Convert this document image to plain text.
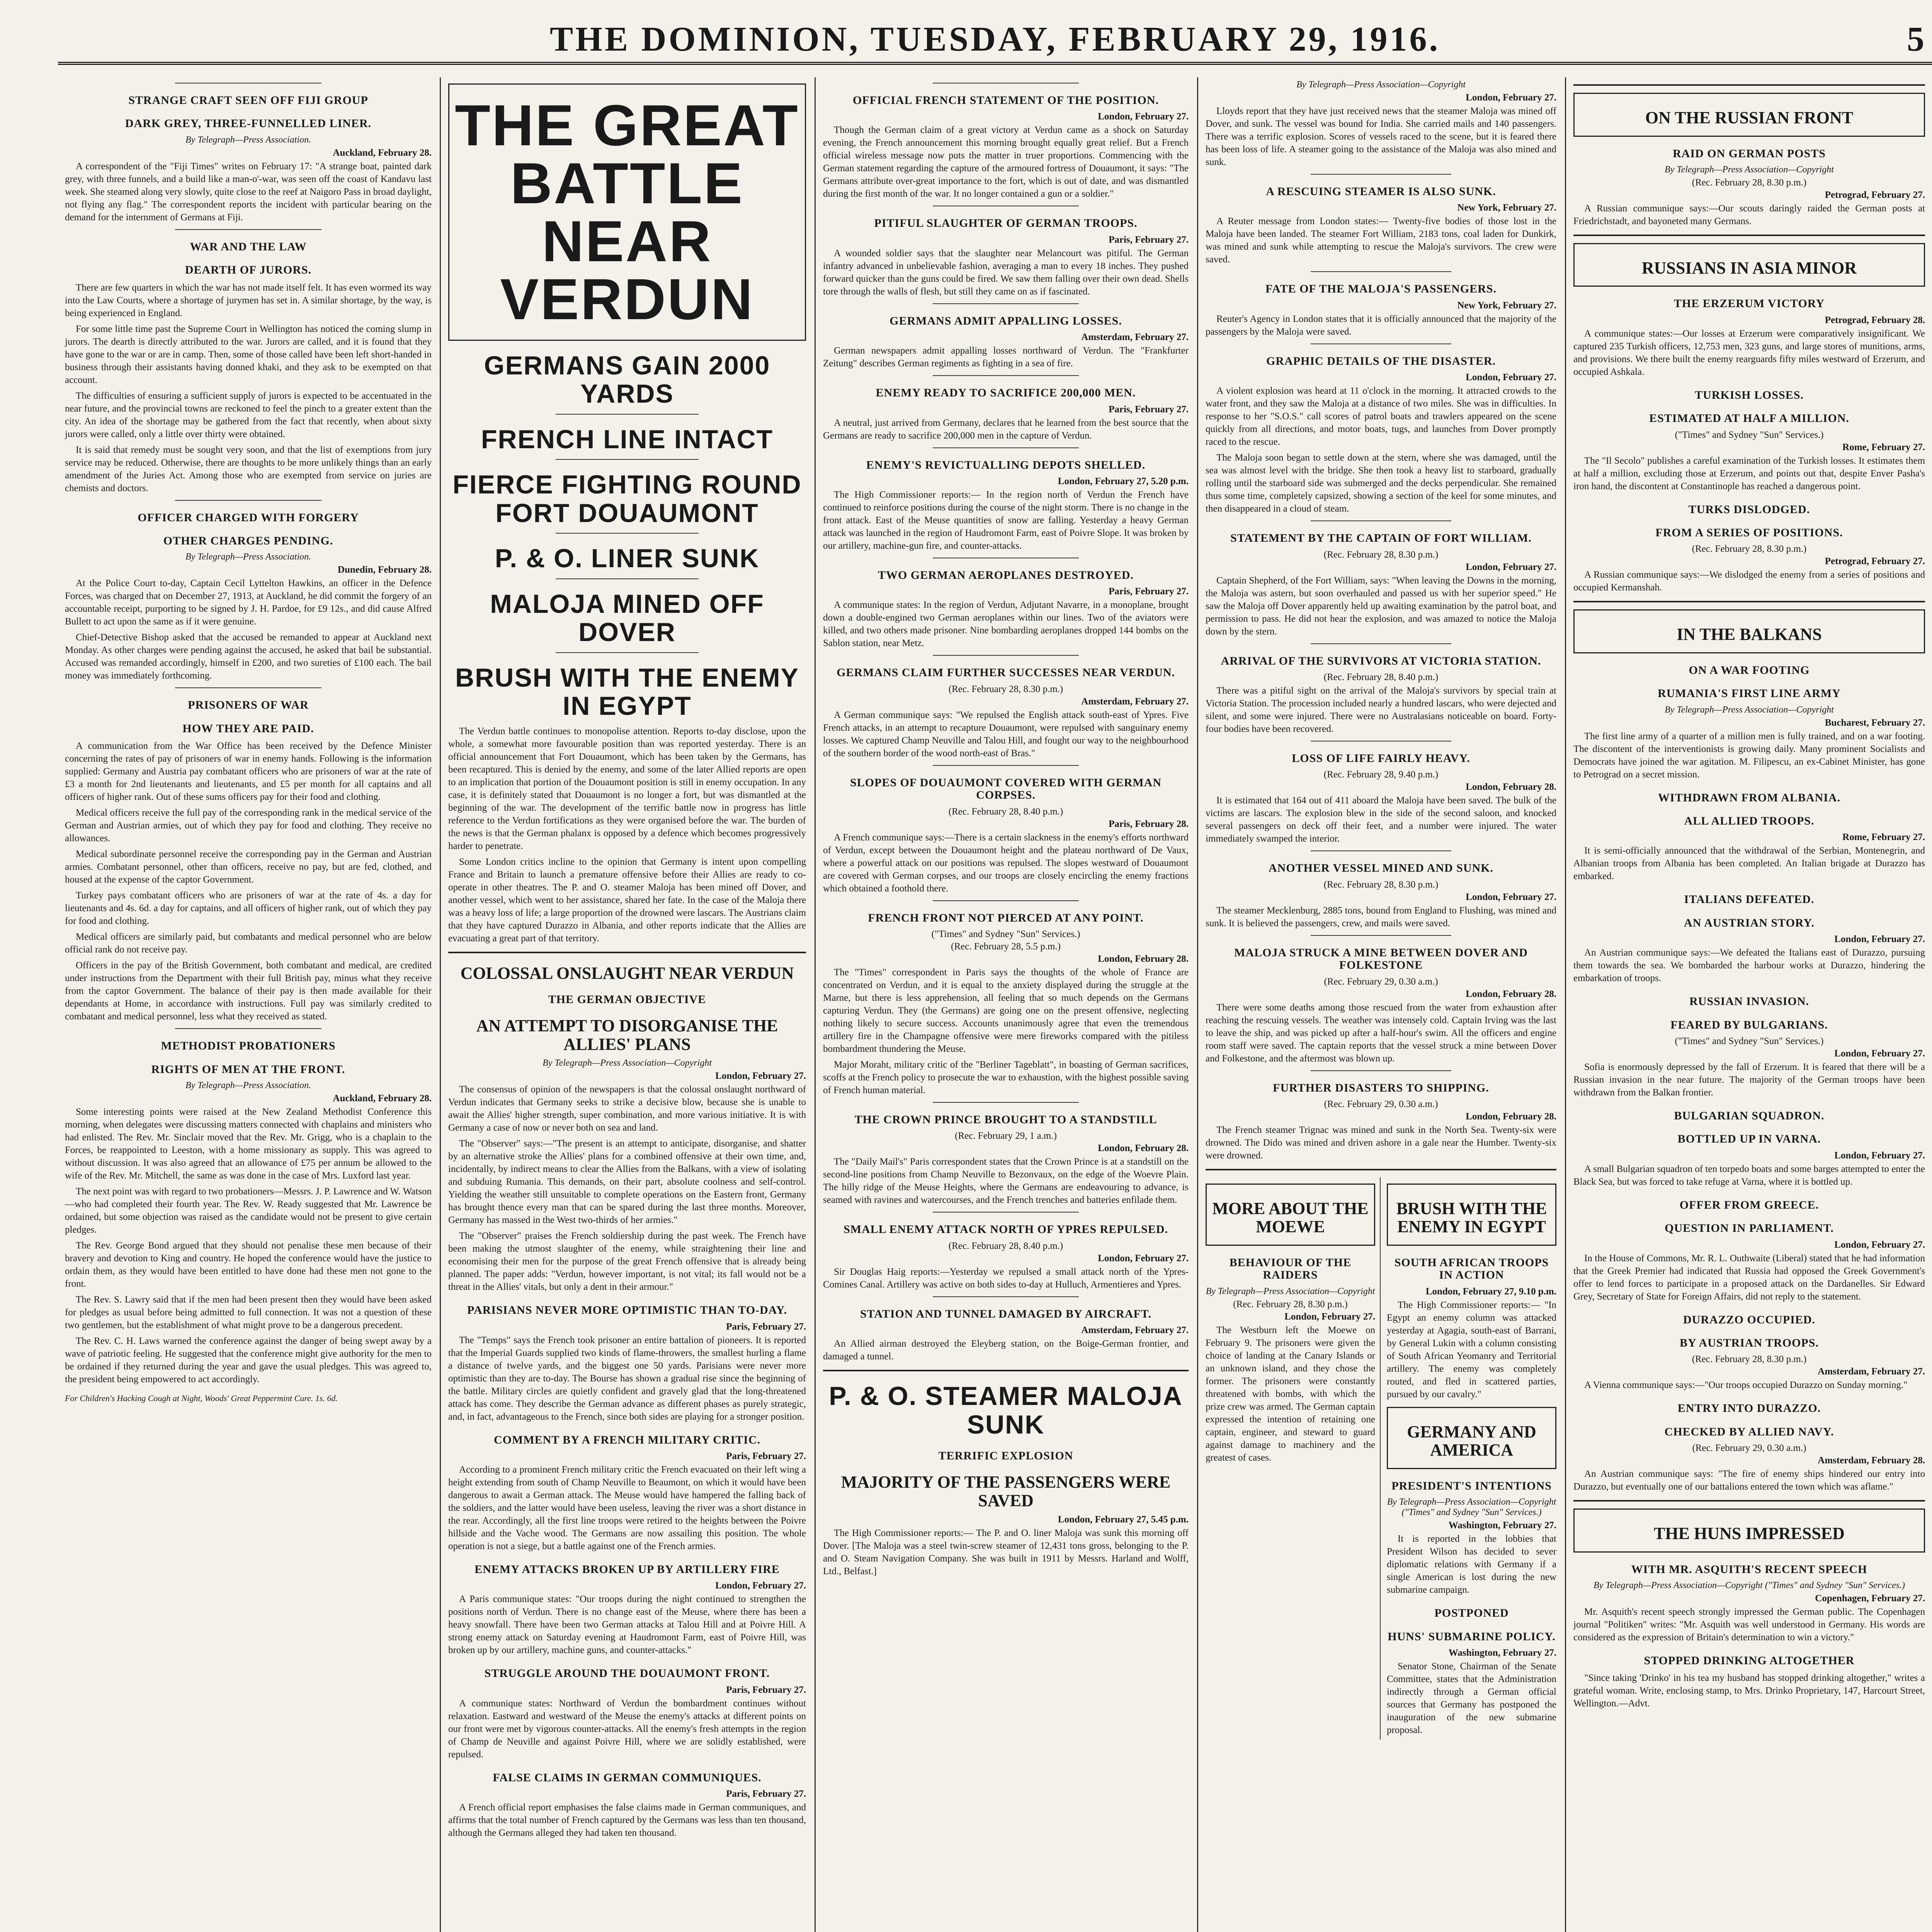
THE DOMINION, TUESDAY, FEBRUARY 29, 1916.	5
STRANGE CRAFT SEEN OFF FIJI GROUP
DARK GREY, THREE-FUNNELLED LINER.
By Telegraph—Press Association.
Auckland, February 28.

A correspondent of the "Fiji Times" writes on February 17: "A strange boat, painted dark grey, with three funnels, and a build like a man-o'-war, was seen off the coast of Kandavu last week. She steamed along very slowly, quite close to the reef at Naigoro Pass in broad daylight, not flying any flag." The correspondent reports the incident with particular bearing on the demand for the internment of Germans at Fiji.

WAR AND THE LAW
DEARTH OF JURORS.

There are few quarters in which the war has not made itself felt. It has even wormed its way into the Law Courts, where a shortage of jurymen has set in. A similar shortage, by the way, is being experienced in England.

For some little time past the Supreme Court in Wellington has noticed the coming slump in jurors. The dearth is directly attributed to the war. Jurors are called, and it is found that they have gone to the war or are in camp. Then, some of those called have been left short-handed in business through their assistants having donned khaki, and they ask to be exempted on that account.

The difficulties of ensuring a sufficient supply of jurors is expected to be accentuated in the near future, and the provincial towns are reckoned to feel the pinch to a greater extent than the city. An idea of the shortage may be gathered from the fact that recently, when about sixty jurors were called, only a little over thirty were obtained.

It is said that remedy must be sought very soon, and that the list of exemptions from jury service may be reduced. Otherwise, there are thoughts to be more unlikely things than an early amendment of the Juries Act. Among those who are exempted from service on juries are chemists and doctors.

OFFICER CHARGED WITH FORGERY
OTHER CHARGES PENDING.
By Telegraph—Press Association.
Dunedin, February 28.

At the Police Court to-day, Captain Cecil Lyttelton Hawkins, an officer in the Defence Forces, was charged that on December 27, 1913, at Auckland, he did commit the forgery of an accountable receipt, purporting to be signed by J. H. Pardoe, for £9 12s., and did cause Alfred Bullett to act upon the same as if it were genuine.

Chief-Detective Bishop asked that the accused be remanded to appear at Auckland next Monday. As other charges were pending against the accused, he asked that bail be substantial. Accused was remanded accordingly, himself in £200, and two sureties of £100 each. The bail money was immediately forthcoming.

PRISONERS OF WAR
HOW THEY ARE PAID.

A communication from the War Office has been received by the Defence Minister concerning the rates of pay of prisoners of war in enemy hands. Following is the information supplied: Germany and Austria pay combatant officers who are prisoners of war at the rate of £3 a month for 2nd lieutenants and lieutenants, and £5 per month for all captains and all officers of higher rank. Out of these sums officers pay for their food and clothing.

Medical officers receive the full pay of the corresponding rank in the medical service of the German and Austrian armies, out of which they pay for food and clothing. They receive no allowances.

Medical subordinate personnel receive the corresponding pay in the German and Austrian armies. Combatant personnel, other than officers, receive no pay, but are fed, clothed, and housed at the expense of the captor Government.

Turkey pays combatant officers who are prisoners of war at the rate of 4s. a day for lieutenants and 4s. 6d. a day for captains, and all officers of higher rank, out of which they pay for food and clothing.

Medical officers are similarly paid, but combatants and medical personnel who are below official rank do not receive pay.

Officers in the pay of the British Government, both combatant and medical, are credited under instructions from the Department with their full British pay, minus what they receive from the captor Government. The balance of their pay is then made available for their dependants at Home, in accordance with instructions. Full pay was similarly credited to combatant and medical personnel, less what they received as stated.

METHODIST PROBATIONERS
RIGHTS OF MEN AT THE FRONT.
By Telegraph—Press Association.
Auckland, February 28.

Some interesting points were raised at the New Zealand Methodist Conference this morning, when delegates were discussing matters connected with chaplains and ministers who had enlisted. The Rev. Mr. Sinclair moved that the Rev. Mr. Grigg, who is a chaplain to the Forces, be reappointed to Leeston, with a home missionary as supply. This was agreed to without discussion. It was also agreed that an allowance of £75 per annum be allowed to the wife of the Rev. Mr. Mitchell, the same as was done in the case of Mrs. Luxford last year.

The next point was with regard to two probationers—Messrs. J. P. Lawrence and W. Watson—who had completed their fourth year. The Rev. W. Ready suggested that Mr. Lawrence be ordained, but some objection was raised as the candidate would not be present to give certain pledges.

The Rev. George Bond argued that they should not penalise these men because of their bravery and devotion to King and country. He hoped the conference would have the justice to ordain them, as they would have been entitled to have done had these men not gone to the front.

The Rev. S. Lawry said that if the men had been present then they would have been asked for pledges as usual before being admitted to full connection. It was not a question of these two gentlemen, but the establishment of what might prove to be a dangerous precedent.

The Rev. C. H. Laws warned the conference against the danger of being swept away by a wave of patriotic feeling. He suggested that the conference might give authority for the men to be ordained if they returned during the year and gave the usual pledges. This was agreed to, the president being empowered to act accordingly.

For Children's Hacking Cough at Night, Woods' Great Peppermint Cure. 1s. 6d.

THE GREAT BATTLE NEAR VERDUN
GERMANS GAIN 2000 YARDS
FRENCH LINE INTACT
FIERCE FIGHTING ROUND FORT DOUAUMONT
P. & O. LINER SUNK
MALOJA MINED OFF DOVER
BRUSH WITH THE ENEMY IN EGYPT

The Verdun battle continues to monopolise attention. Reports to-day disclose, upon the whole, a somewhat more favourable position than was reported yesterday. There is an official announcement that Fort Douaumont, which has been taken by the Germans, has been recaptured. This is denied by the enemy, and some of the later Allied reports are open to an implication that portion of the Douaumont position is still in enemy occupation. In any case, it is definitely stated that Douaumont is no longer a fort, but was dismantled at the beginning of the war. The development of the terrific battle now in progress has little reference to the Verdun fortifications as they were organised before the war. The burden of the news is that the German phalanx is opposed by a defence which becomes progressively harder to penetrate.

Some London critics incline to the opinion that Germany is intent upon compelling France and Britain to launch a premature offensive before their Allies are ready to co-operate in other theatres. The P. and O. steamer Maloja has been mined off Dover, and another vessel, which went to her assistance, shared her fate. In the case of the Maloja there was a heavy loss of life; a large proportion of the drowned were lascars. The Austrians claim that they have captured Durazzo in Albania, and other reports indicate that the Allies are evacuating a great part of that territory.

COLOSSAL ONSLAUGHT NEAR VERDUN
THE GERMAN OBJECTIVE
AN ATTEMPT TO DISORGANISE THE ALLIES' PLANS
By Telegraph—Press Association—Copyright
London, February 27.

The consensus of opinion of the newspapers is that the colossal onslaught northward of Verdun indicates that Germany seeks to strike a decisive blow, because she is unable to await the Allies' higher strength, super combination, and more various initiative. It is with Germany a case of now or never both on sea and land.

The "Observer" says:—"The present is an attempt to anticipate, disorganise, and shatter by an alternative stroke the Allies' plans for a combined offensive at their own time, and, incidentally, by indirect means to clear the Allies from the Balkans, with a view of isolating and subduing Rumania. This demands, on their part, absolute coolness and self-control. Yielding the weather still unsuitable to complete operations on the Eastern front, Germany has brought thence every man that can be spared during the last three months. Moreover, Germany has massed in the West two-thirds of her armies."

The "Observer" praises the French soldiership during the past week. The French have been making the utmost slaughter of the enemy, while straightening their line and economising their men for the purpose of the great French offensive that is already being planned. The paper adds: "Verdun, however important, is not vital; its fall would not be a threat in the Allies' vitals, but only a dent in their armour."

PARISIANS NEVER MORE OPTIMISTIC THAN TO-DAY.
Paris, February 27.

The "Temps" says the French took prisoner an entire battalion of pioneers. It is reported that the Imperial Guards supplied two kinds of flame-throwers, the smallest hurling a flame a distance of twelve yards, and the biggest one 50 yards. Parisians were never more optimistic than they are to-day. The Bourse has shown a gradual rise since the beginning of the battle. Military circles are quietly confident and gravely glad that the long-threatened attack has come. They describe the German advance as different phases as purely strategic, and, in fact, advantageous to the French, since both sides are playing for a stronger position.

COMMENT BY A FRENCH MILITARY CRITIC.
Paris, February 27.

According to a prominent French military critic the French evacuated on their left wing a height extending from south of Champ Neuville to Beaumont, on which it would have been dangerous to await a German attack. The Meuse would have hampered the falling back of the soldiers, and the latter would have been useless, leaving the river was a short distance in the rear. Accordingly, all the first line troops were retired to the heights between the Poivre hillside and the Vache wood. The Germans are now assailing this position. The whole operation is not a siege, but a battle against one of the French armies.

ENEMY ATTACKS BROKEN UP BY ARTILLERY FIRE
London, February 27.

A Paris communique states: "Our troops during the night continued to strengthen the positions north of Verdun. There is no change east of the Meuse, where there has been a heavy snowfall. There have been two German attacks at Talou Hill and at Poivre Hill. A strong enemy attack on Saturday evening at Haudromont Farm, east of Poivre Hill, was broken up by our artillery, machine guns, and counter-attacks."

STRUGGLE AROUND THE DOUAUMONT FRONT.
Paris, February 27.

A communique states: Northward of Verdun the bombardment continues without relaxation. Eastward and westward of the Meuse the enemy's attacks at different points on our front were met by vigorous counter-attacks. All the enemy's fresh attempts in the region of Champ de Neuville and against Poivre Hill, where we are solidly established, were repulsed.

FALSE CLAIMS IN GERMAN COMMUNIQUES.
Paris, February 27.

A French official report emphasises the false claims made in German communiques, and affirms that the total number of French captured by the Germans was less than ten thousand, although the Germans alleged they had taken ten thousand.

OFFICIAL FRENCH STATEMENT OF THE POSITION.
London, February 27.

Though the German claim of a great victory at Verdun came as a shock on Saturday evening, the French announcement this morning brought equally great relief. But a French official wireless message now puts the matter in truer proportions. Commencing with the German statement regarding the capture of the armoured fortress of Douaumont, it says: "The Germans attribute over-great importance to the fort, which is out of date, and was dismantled during the first month of the war. It no longer contained a gun or a soldier."

PITIFUL SLAUGHTER OF GERMAN TROOPS.
Paris, February 27.

A wounded soldier says that the slaughter near Melancourt was pitiful. The German infantry advanced in unbelievable fashion, averaging a man to every 18 inches. They pushed forward quicker than the guns could be fired. We saw them falling over their own dead. Shells tore through the walls of flesh, but still they came on as if fascinated.

GERMANS ADMIT APPALLING LOSSES.
Amsterdam, February 27.

German newspapers admit appalling losses northward of Verdun. The "Frankfurter Zeitung" describes German regiments as fighting in a sea of fire.

ENEMY READY TO SACRIFICE 200,000 MEN.
Paris, February 27.

A neutral, just arrived from Germany, declares that he learned from the best source that the Germans are ready to sacrifice 200,000 men in the capture of Verdun.

ENEMY'S REVICTUALLING DEPOTS SHELLED.
London, February 27, 5.20 p.m.

The High Commissioner reports:— In the region north of Verdun the French have continued to reinforce positions during the course of the night storm. There is no change in the front attack. East of the Meuse quantities of snow are falling. Yesterday a heavy German attack was launched in the region of Haudromont Farm, east of Poivre Slope. It was broken by our artillery, machine-gun fire, and counter-attacks.

TWO GERMAN AEROPLANES DESTROYED.
Paris, February 27.

A communique states: In the region of Verdun, Adjutant Navarre, in a monoplane, brought down a double-engined two German aeroplanes within our lines. Two of the aviators were killed, and two others made prisoner. Nine bombarding aeroplanes dropped 144 bombs on the Sablon station, near Metz.

GERMANS CLAIM FURTHER SUCCESSES NEAR VERDUN.
(Rec. February 28, 8.30 p.m.)
Amsterdam, February 27.

A German communique says: "We repulsed the English attack south-east of Ypres. Five French attacks, in an attempt to recapture Douaumont, were repulsed with sanguinary enemy losses. We captured Champ Neuville and Talou Hill, and fought our way to the neighbourhood of the southern border of the wood north-east of Bras."

SLOPES OF DOUAUMONT COVERED WITH GERMAN CORPSES.
(Rec. February 28, 8.40 p.m.)
Paris, February 28.

A French communique says:—There is a certain slackness in the enemy's efforts northward of Verdun, except between the Douaumont height and the plateau northward of De Vaux, where a powerful attack on our positions was repulsed. The slopes westward of Douaumont are covered with German corpses, and our troops are closely encircling the enemy fractions which obtained a foothold there.

FRENCH FRONT NOT PIERCED AT ANY POINT.
("Times" and Sydney "Sun" Services.)
(Rec. February 28, 5.5 p.m.)
London, February 28.

The "Times" correspondent in Paris says the thoughts of the whole of France are concentrated on Verdun, and it is equal to the anxiety displayed during the struggle at the Marne, but there is less apprehension, all feeling that so much depends on the Germans capturing Verdun. They (the Germans) are going one on the present offensive, neglecting nothing likely to secure success. Accounts unanimously agree that even the tremendous artillery fire in the Champagne offensive were mere fireworks compared with the pitiless bombardment thundering the Meuse.

Major Moraht, military critic of the "Berliner Tageblatt", in boasting of German sacrifices, scoffs at the French policy to prosecute the war to exhaustion, with the highest possible saving of French human material.

THE CROWN PRINCE BROUGHT TO A STANDSTILL
(Rec. February 29, 1 a.m.)
London, February 28.

The "Daily Mail's" Paris correspondent states that the Crown Prince is at a standstill on the second-line positions from Champ Neuville to Bezonvaux, on the edge of the Woevre Plain. The hilly ridge of the Meuse Heights, where the Germans are endeavouring to advance, is seamed with ravines and watercourses, and the French trenches and batteries enfilade them.

SMALL ENEMY ATTACK NORTH OF YPRES REPULSED.
(Rec. February 28, 8.40 p.m.)
London, February 27.

Sir Douglas Haig reports:—Yesterday we repulsed a small attack north of the Ypres-Comines Canal. Artillery was active on both sides to-day at Hulluch, Armentieres and Ypres.

STATION AND TUNNEL DAMAGED BY AIRCRAFT.
Amsterdam, February 27.

An Allied airman destroyed the Eleyberg station, on the Boige-German frontier, and damaged a tunnel.

P. & O. STEAMER MALOJA SUNK
TERRIFIC EXPLOSION
MAJORITY OF THE PASSENGERS WERE SAVED
London, February 27, 5.45 p.m.

The High Commissioner reports:— The P. and O. liner Maloja was sunk this morning off Dover. [The Maloja was a steel twin-screw steamer of 12,431 tons gross, belonging to the P. and O. Steam Navigation Company. She was built in 1911 by Messrs. Harland and Wolff, Ltd., Belfast.]

By Telegraph—Press Association—Copyright
London, February 27.

Lloyds report that they have just received news that the steamer Maloja was mined off Dover, and sunk. The vessel was bound for India. She carried mails and 140 passengers. There was a terrific explosion. Scores of vessels raced to the scene, but it is feared there has been loss of life. A steamer going to the assistance of the Maloja was also mined and sunk.

A RESCUING STEAMER IS ALSO SUNK.
New York, February 27.

A Reuter message from London states:— Twenty-five bodies of those lost in the Maloja have been landed. The steamer Fort William, 2183 tons, coal laden for Dunkirk, was mined and sunk while attempting to rescue the Maloja's survivors. The crew were saved.

FATE OF THE MALOJA'S PASSENGERS.
New York, February 27.

Reuter's Agency in London states that it is officially announced that the majority of the passengers by the Maloja were saved.

GRAPHIC DETAILS OF THE DISASTER.
London, February 27.

A violent explosion was heard at 11 o'clock in the morning. It attracted crowds to the water front, and they saw the Maloja at a distance of two miles. She was in difficulties. In response to her "S.O.S." call scores of patrol boats and trawlers appeared on the scene quickly from all directions, and motor boats, tugs, and launches from Dover promptly raced to the rescue.

The Maloja soon began to settle down at the stern, where she was damaged, until the sea was almost level with the bridge. She then took a heavy list to starboard, gradually rolling until the starboard side was submerged and the decks perpendicular. She remained thus some time, completely capsized, showing a section of the keel for some minutes, and then disappeared in a cloud of steam.

STATEMENT BY THE CAPTAIN OF FORT WILLIAM.
(Rec. February 28, 8.30 p.m.)
London, February 27.

Captain Shepherd, of the Fort William, says: "When leaving the Downs in the morning, the Maloja was astern, but soon overhauled and passed us with her superior speed." He saw the Maloja off Dover apparently held up awaiting examination by the patrol boat, and permission to pass. He did not hear the explosion, and was amazed to notice the Maloja down by the stern.

ARRIVAL OF THE SURVIVORS AT VICTORIA STATION.
(Rec. February 28, 8.40 p.m.)

There was a pitiful sight on the arrival of the Maloja's survivors by special train at Victoria Station. The procession included nearly a hundred lascars, who were dejected and silent, and some were injured. There were no Australasians noticeable on board. Forty-four bodies have been recovered.

LOSS OF LIFE FAIRLY HEAVY.
(Rec. February 28, 9.40 p.m.)
London, February 28.

It is estimated that 164 out of 411 aboard the Maloja have been saved. The bulk of the victims are lascars. The explosion blew in the side of the second saloon, and knocked several passengers on deck off their feet, and a number were injured. The water immediately swamped the interior.

ANOTHER VESSEL MINED AND SUNK.
(Rec. February 28, 8.30 p.m.)
London, February 27.

The steamer Mecklenburg, 2885 tons, bound from England to Flushing, was mined and sunk. It is believed the passengers, crew, and mails were saved.

MALOJA STRUCK A MINE BETWEEN DOVER AND FOLKESTONE
(Rec. February 29, 0.30 a.m.)
London, February 28.

There were some deaths among those rescued from the water from exhaustion after reaching the rescuing vessels. The weather was intensely cold. Captain Irving was the last to leave the ship, and was picked up after a half-hour's swim. All the officers and engine room staff were saved. The captain reports that the vessel struck a mine between Dover and Folkestone, and the aftermost was blown up.

FURTHER DISASTERS TO SHIPPING.
(Rec. February 29, 0.30 a.m.)
London, February 28.

The French steamer Trignac was mined and sunk in the North Sea. Twenty-six were drowned. The Dido was mined and driven ashore in a gale near the Humber. Twenty-six were drowned.

MORE ABOUT THE MOEWE
BEHAVIOUR OF THE RAIDERS
By Telegraph—Press Association—Copyright
(Rec. February 28, 8.30 p.m.)
London, February 27.

The Westburn left the Moewe on February 9. The prisoners were given the choice of landing at the Canary Islands or an unknown island, and they chose the former. The prisoners were constantly threatened with bombs, with which the prize crew was armed. The German captain expressed the intention of retaining one captain, engineer, and steward to guard against damage to machinery and the greatest of cases.

BRUSH WITH THE ENEMY IN EGYPT
SOUTH AFRICAN TROOPS IN ACTION
London, February 27, 9.10 p.m.

The High Commissioner reports:— "In Egypt an enemy column was attacked yesterday at Agagia, south-east of Barrani, by General Lukin with a column consisting of South African Yeomanry and Territorial artillery. The enemy was completely routed, and fled in scattered parties, pursued by our cavalry."

GERMANY AND AMERICA
PRESIDENT'S INTENTIONS
By Telegraph—Press Association—Copyright ("Times" and Sydney "Sun" Services.)
Washington, February 27.

It is reported in the lobbies that President Wilson has decided to sever diplomatic relations with Germany if a single American is lost during the new submarine campaign.

POSTPONED
HUNS' SUBMARINE POLICY.
Washington, February 27.

Senator Stone, Chairman of the Senate Committee, states that the Administration indirectly through a German official sources that Germany has postponed the inauguration of the new submarine proposal.

ON THE RUSSIAN FRONT
RAID ON GERMAN POSTS
By Telegraph—Press Association—Copyright
(Rec. February 28, 8.30 p.m.)
Petrograd, February 27.

A Russian communique says:—Our scouts daringly raided the German posts at Friedrichstadt, and bayoneted many Germans.

RUSSIANS IN ASIA MINOR
THE ERZERUM VICTORY
Petrograd, February 28.

A communique states:—Our losses at Erzerum were comparatively insignificant. We captured 235 Turkish officers, 12,753 men, 323 guns, and large stores of munitions, arms, and provisions. We there built the enemy rearguards fifty miles westward of Erzerum, and occupied Ashkala.

TURKISH LOSSES.
ESTIMATED AT HALF A MILLION.
("Times" and Sydney "Sun" Services.)
Rome, February 27.

The "Il Secolo" publishes a careful examination of the Turkish losses. It estimates them at half a million, excluding those at Erzerum, and points out that, despite Enver Pasha's iron hand, the discontent at Constantinople has reached a dangerous point.

TURKS DISLODGED.
FROM A SERIES OF POSITIONS.
(Rec. February 28, 8.30 p.m.)
Petrograd, February 27.

A Russian communique says:—We dislodged the enemy from a series of positions and occupied Kermanshah.

IN THE BALKANS
ON A WAR FOOTING
RUMANIA'S FIRST LINE ARMY
By Telegraph—Press Association—Copyright
Bucharest, February 27.

The first line army of a quarter of a million men is fully trained, and on a war footing. The discontent of the interventionists is growing daily. Many prominent Socialists and Democrats have joined the war agitation. M. Filipescu, an ex-Cabinet Minister, has gone to Petrograd on a secret mission.

WITHDRAWN FROM ALBANIA.
ALL ALLIED TROOPS.
Rome, February 27.

It is semi-officially announced that the withdrawal of the Serbian, Montenegrin, and Albanian troops from Albania has been completed. An Italian brigade at Durazzo has embarked.

ITALIANS DEFEATED.
AN AUSTRIAN STORY.
London, February 27.

An Austrian communique says:—We defeated the Italians east of Durazzo, pursuing them towards the sea. We bombarded the harbour works at Durazzo, hindering the embarkation of troops.

RUSSIAN INVASION.
FEARED BY BULGARIANS.
("Times" and Sydney "Sun" Services.)
London, February 27.

Sofia is enormously depressed by the fall of Erzerum. It is feared that there will be a Russian invasion in the near future. The majority of the German troops have been withdrawn from the Balkan frontier.

BULGARIAN SQUADRON.
BOTTLED UP IN VARNA.
London, February 27.

A small Bulgarian squadron of ten torpedo boats and some barges attempted to enter the Black Sea, but was forced to take refuge at Varna, where it is bottled up.

OFFER FROM GREECE.
QUESTION IN PARLIAMENT.
London, February 27.

In the House of Commons, Mr. R. L. Outhwaite (Liberal) stated that he had information that the Greek Premier had indicated that Russia had opposed the Greek Government's offer to lend forces to participate in a proposed attack on the Dardanelles. Sir Edward Grey, Secretary of State for Foreign Affairs, did not reply to the statement.

DURAZZO OCCUPIED.
BY AUSTRIAN TROOPS.
(Rec. February 28, 8.30 p.m.)
Amsterdam, February 27.

A Vienna communique says:—"Our troops occupied Durazzo on Sunday morning."

ENTRY INTO DURAZZO.
CHECKED BY ALLIED NAVY.
(Rec. February 29, 0.30 a.m.)
Amsterdam, February 28.

An Austrian communique says: "The fire of enemy ships hindered our entry into Durazzo, but eventually one of our battalions entered the town which was aflame."

THE HUNS IMPRESSED
WITH MR. ASQUITH'S RECENT SPEECH
By Telegraph—Press Association—Copyright ("Times" and Sydney "Sun" Services.)
Copenhagen, February 27.

Mr. Asquith's recent speech strongly impressed the German public. The Copenhagen journal "Politiken" writes: "Mr. Asquith was well understood in Germany. His words are considered as the expression of Britain's determination to win a victory."

STOPPED DRINKING ALTOGETHER

"Since taking 'Drinko' in his tea my husband has stopped drinking altogether," writes a grateful woman. Write, enclosing stamp, to Mrs. Drinko Proprietary, 147, Harcourt Street, Wellington.—Advt.
